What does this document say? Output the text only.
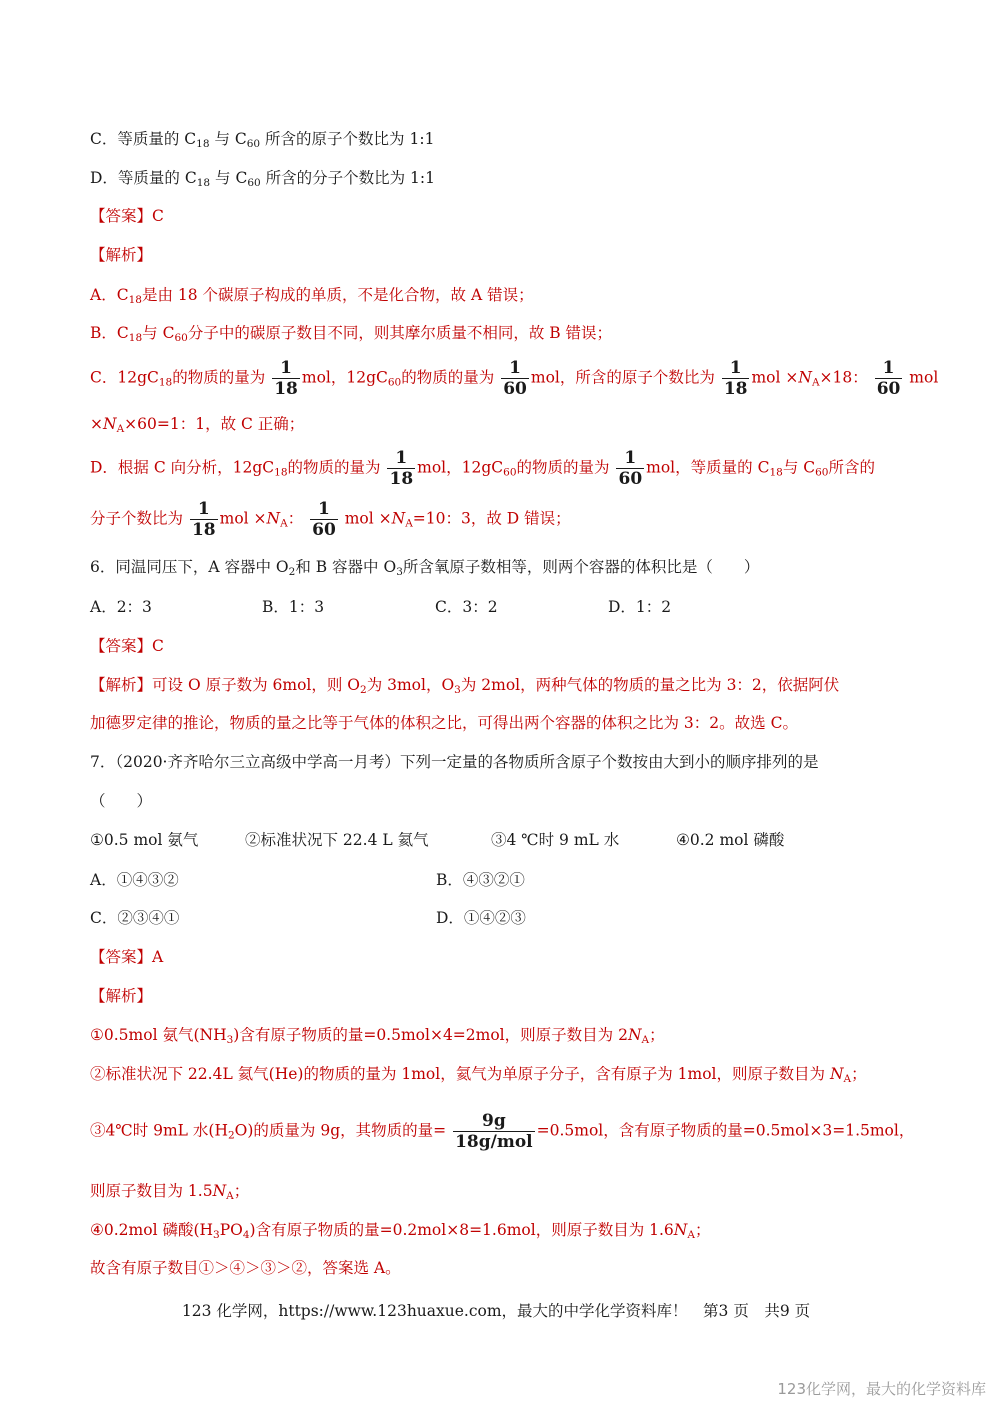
C．等质量的 $C_{18}$ 与 $C_{60}$ 所含的原子个数比为 1:1
D．等质量的 $C_{18}$ 与 $C_{60}$ 所含的分子个数比为 1:1
【答案】C
【解析】
A．$C_{18}$是由 18 个碳原子构成的单质，不是化合物，故 A 错误；
B．$C_{18}$与 $C_{60}$分子中的碳原子数目不同，则其摩尔质量不相同，故 B 错误；
C．$12gC_{18}$的物质的量为 $\frac{1}{18}$ mol，$12gC_{60}$的物质的量为 $\frac{1}{60}$ mol，所含的原子个数比为 $\frac{1}{18}$ mol $\times N_A\times 18$： $\frac{1}{60}$ mol
$\times N_A\times 60=1$：1，故 C 正确；
D．根据 C 向分析，$12gC_{18}$的物质的量为 $\frac{1}{18}$ mol，$12gC_{60}$的物质的量为 $\frac{1}{60}$ mol，等质量的 $C_{18}$与 $C_{60}$所含的
分子个数比为 $\frac{1}{18}$ mol $\times N_A$： $\frac{1}{60}$ mol $\times N_A=10$：3，故 D 错误；
6．同温同压下，A 容器中 $O_2$和 B 容器中 $O_3$所含氧原子数相等，则两个容器的体积比是（　　）
A．2：3	B．1：3	C．3：2	D．1：2
【答案】C
【解析】可设 O 原子数为 6mol，则 $O_2$为 3mol，$O_3$为 2mol，两种气体的物质的量之比为 3：2，依据阿伏
加德罗定律的推论，物质的量之比等于气体的体积之比，可得出两个容器的体积之比为 3：2。故选 C。
7．（2020·齐齐哈尔三立高级中学高一月考）下列一定量的各物质所含原子个数按由大到小的顺序排列的是
（　　）
①0.5 mol 氨气	②标准状况下 22.4 L 氦气	③4 ℃时 9 mL 水	④0.2 mol 磷酸
A．①④③②	B．④③②①
C．②③④①	D．①④②③
【答案】A
【解析】
①0.5mol 氨气$(NH_3)$含有原子物质的量=0.5mol×4=2mol，则原子数目为 $2N_A$；
②标准状况下 22.4L 氦气(He)的物质的量为 1mol，氦气为单原子分子，含有原子为 1mol，则原子数目为 $N_A$；
③4℃时 9mL 水$(H_2O)$的质量为 9g，其物质的量= $\frac{9g}{\text{18g/mol}} =0.5mol$，含有原子物质的量=0.5mol×3=1.5mol，
则原子数目为 $1.5N_A$；
④0.2mol 磷酸$(H_3PO_4)$含有原子物质的量=0.2mol×8=1.6mol，则原子数目为 $1.6N_A$；
故含有原子数目①＞④＞③＞②，答案选 A。
123 化学网，https://www.123huaxue.com，最大的中学化学资料库！　第3 页　共9 页
123化学网，最大的化学资料库
